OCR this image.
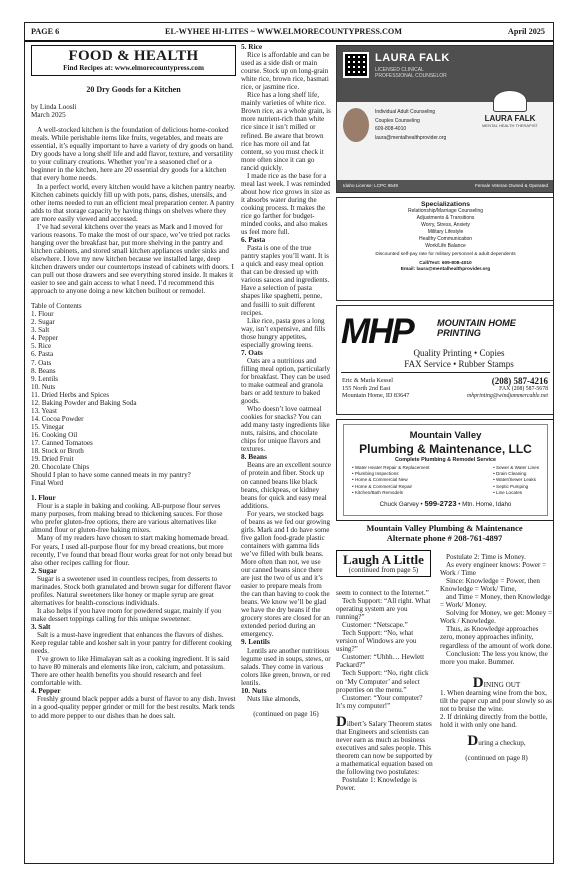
PAGE 6	EL-WYHEE HI-LITES ~ WWW.ELMORECOUNTYPRESS.COM	April 2025
FOOD & HEALTH
Find Recipes at: www.elmorecountypress.com
20 Dry Goods for a Kitchen

by Linda Loosli

March 2025

A well-stocked kitchen is the foundation of delicious home-cooked meals. While perishable items like fruits, vegetables, and meats are essential, it’s equally important to have a variety of dry goods on hand. Dry goods have a long shelf life and add flavor, texture, and versatility to your culinary creations. Whether you’re a seasoned chef or a beginner in the kitchen, here are 20 essential dry goods for a kitchen that every home needs.

In a perfect world, every kitchen would have a kitchen pantry nearby. Kitchen cabinets quickly fill up with pots, pans, dishes, utensils, and other items needed to run an efficient meal preparation center. A pantry adds to that storage capacity by having things on shelves where they are more easily viewed and accessed.

I’ve had several kitchens over the years as Mark and I moved for various reasons. To make the most of our space, we’ve tried pot racks hanging over the breakfast bar, put more shelving in the pantry and kitchen cabinets, and stored small kitchen appliances under sinks and elsewhere. I love my new kitchen because we installed large, deep kitchen drawers under our countertops instead of cabinets with doors. I can pull out those drawers and see everything stored inside. It makes it easier to see and gain access to what I need. I’d recommend this approach to anyone doing a new kitchen builtout or remodel.

Table of Contents

1. Flour

2. Sugar

3. Salt

4. Pepper

5. Rice

6. Pasta

7. Oats

8. Beans

9. Lentils

10. Nuts

11. Dried Herbs and Spices

12. Baking Powder and Baking Soda

13. Yeast

14. Cocoa Powder

15. Vinegar

16. Cooking Oil

17. Canned Tomatoes

18. Stock or Broth

19. Dried Fruit

20. Chocolate Chips

Should I plan to have some canned meats in my pantry?

Final Word

1. Flour

Flour is a staple in baking and cooking. All-purpose flour serves many purposes, from making bread to thickening sauces. For those who prefer gluten-free options, there are various alternatives like almond flour or gluten-free baking mixes.

Many of my readers have chosen to start making homemade bread. For years, I used all-purpose flour for my bread creations, but more recently, I’ve found that bread flour works great for not only bread but also other recipes calling for flour.

2. Sugar

Sugar is a sweetener used in countless recipes, from desserts to marinades. Stock both granulated and brown sugar for different flavor profiles. Natural sweeteners like honey or maple syrup are great alternatives for health-conscious individuals.

It also helps if you have room for powdered sugar, mainly if you make dessert toppings calling for this unique sweetener.

3. Salt

Salt is a must-have ingredient that enhances the flavors of dishes. Keep regular table and kosher salt in your pantry for different cooking needs.

I’ve grown to like Himalayan salt as a cooking ingredient. It is said to have 80 minerals and elements like iron, calcium, and potassium. There are other health benefits you should research and feel comfortable with.

4. Pepper

Freshly ground black pepper adds a burst of flavor to any dish. Invest in a good-quality pepper grinder or mill for the best results. Mark tends to add more pepper to our dishes than he does salt.

5. Rice

Rice is affordable and can be used as a side dish or main course. Stock up on long-grain white rice, brown rice, basmati rice, or jasmine rice.

Rice has a long shelf life, mainly varieties of white rice. Brown rice, as a whole grain, is more nutrient-rich than white rice since it isn’t milled or refined. Be aware that brown rice has more oil and fat content, so you must check it more often since it can go rancid quickly.

I made rice as the base for a meal last week. I was reminded about how rice grows in size as it absorbs water during the cooking process. It makes the rice go farther for budget-minded cooks, and also makes us feel more full.

6. Pasta

Pasta is one of the true pantry staples you’ll want. It is a quick and easy meal option that can be dressed up with various sauces and ingredients. Have a selection of pasta shapes like spaghetti, penne, and fusilli to suit different recipes.

Like rice, pasta goes a long way, isn’t expensive, and fills those hungry appetites, especially growing teens.

7. Oats

Oats are a nutritious and filling meal option, particularly for breakfast. They can be used to make oatmeal and granola bars or add texture to baked goods.

Who doesn’t love oatmeal cookies for snacks? You can add many tasty ingredients like nuts, raisins, and chocolate chips for unique flavors and textures.

8. Beans

Beans are an excellent source of protein and fiber. Stock up on canned beans like black beans, chickpeas, or kidney beans for quick and easy meal additions.

For years, we stocked bags of beans as we fed our growing girls. Mark and I do have some five gallon food-grade plastic containers with gamma lids we’ve filled with bulk beans. More often than not, we use our canned beans since there are just the two of us and it’s easier to prepare meals from the can than having to cook the beans. We know we’ll be glad we have the dry beans if the grocery stores are closed for an extended period during an emergency.

9. Lentils

Lentils are another nutritious legume used in soups, stews, or salads. They come in various colors like green, brown, or red lentils.

10. Nuts

Nuts like almonds,

(continued on page 16)

LAURA FALK
LICENSED CLINICAL
PROFESSIONAL COUNSELOR
Individual Adult Counseling
Couples Counseling
609-808-4010
laura@mentalhealthprovider.org
LAURA FALK
MENTAL HEALTH THERAPIST
Idaho License: LCPC 9549	Female Veteran Owned & Operated
Specializations
Relationship/Marriage Counseling
Adjustments & Transitions
Worry, Stress, Anxiety
Military Lifestyle
Healthy Communication
Work/Life Balance
Discounted self-pay rate for military personnel & adult dependents
Call/Text: 609-808-4010
Email: laura@mentalhealthprovider.org
MHP	MOUNTAIN HOME
PRINTING
Quality Printing • Copies
FAX Service • Rubber Stamps
Eric & Marla Kessel
155 North 2nd East
Mountain Home, ID 83647
(208) 587-4216
FAX (208) 587-5678
mhprinting@windjammercable.net
Mountain Valley
Plumbing & Maintenance, LLC
Complete Plumbing & Remodel Service
• Water Heater Repair & Replacement
• Plumbing Inspections
• Home & Commercial New
• Home & Commercial Repair
• Kitchen/Bath Remodels
• Sewer & Water Lines
• Drain Cleaning
• Water/Sewer Leaks
• Septic Pumping
• Line Locates
Chuck Garvey • 599-2723 • Mtn. Home, Idaho
Mountain Valley Plumbing & Maintenance
Alternate phone # 208-761-4897
Laugh A Little
(continued from page 5)

seem to connect to the Internet.”

Tech Support: “All right. What operating system are you running?”

Customer: “Netscape.”

Tech Support: “No, what version of Windows are you using?”

Customer: “Uhhh… Hewlett Packard?”

Tech Support: “No, right click on ‘My Computer’ and select properties on the menu.”

Customer: “Your computer? It’s my computer!”

Dilbert’s Salary Theorem states that Engineers and scientists can never earn as much as business executives and sales people. This theorem can now be supported by a mathematical equation based on the following two postulates:

Postulate 1: Knowledge is Power.

Postulate 2: Time is Money.

As every engineer knows: Power = Work / Time

Since: Knowledge = Power, then Knowledge = Work/ Time,

and Time = Money, then Knowledge = Work/ Money.

Solving for Money, we get: Money = Work / Knowledge.

Thus, as Knowledge approaches zero, money approaches infinity, regardless of the amount of work done.

Conclusion: The less you know, the more you make. Bummer.

DINING OUT

1. When dearning wine from the box, tilt the paper cup and pour slowly so as not to bruise the wine.

2. If drinking directly from the bottle, hold it with only one hand.

During a checkup,

(continued on page 8)
